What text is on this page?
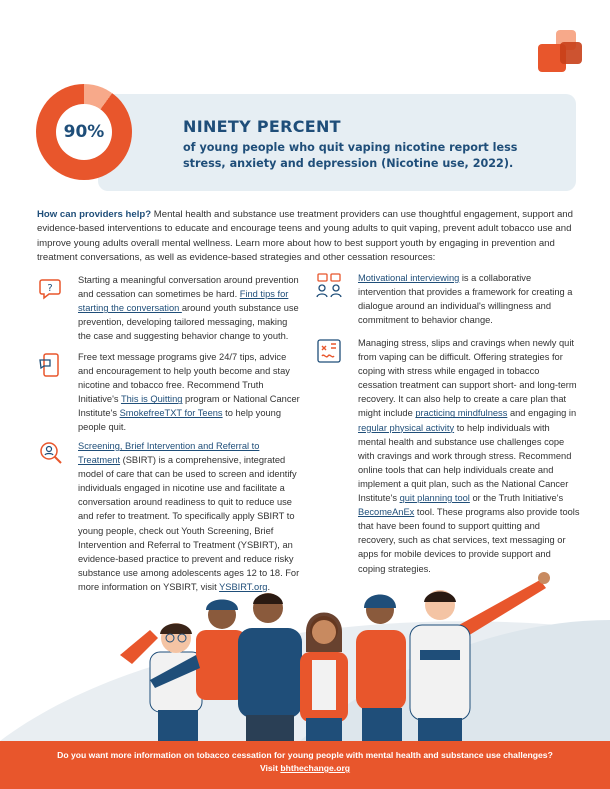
90%	NINETY PERCENT
of young people who quit vaping nicotine report less stress, anxiety and depression (Nicotine use, 2022).
How can providers help? Mental health and substance use treatment providers can use thoughtful engagement, support and evidence-based interventions to educate and encourage teens and young adults to quit vaping, prevent adult tobacco use and improve young adults overall mental wellness. Learn more about how to best support youth by engaging in prevention and treatment conversations, as well as evidence-based strategies and other cessation resources:
?
Starting a meaningful conversation around prevention and cessation can sometimes be hard. Find tips for starting the conversation around youth substance use prevention, developing tailored messaging, making the case and suggesting behavior change to youth.
Free text message programs give 24/7 tips, advice and encouragement to help youth become and stay nicotine and tobacco free. Recommend Truth Initiative's This is Quitting program or National Cancer Institute's SmokefreeTXT for Teens to help young people quit.
Screening, Brief Intervention and Referral to Treatment (SBIRT) is a comprehensive, integrated model of care that can be used to screen and identify individuals engaged in nicotine use and facilitate a conversation around readiness to quit to reduce use and refer to treatment. To specifically apply SBIRT to young people, check out Youth Screening, Brief Intervention and Referral to Treatment (YSBIRT), an evidence-based practice to prevent and reduce risky substance use among adolescents ages 12 to 18. For more information on YSBIRT, visit YSBIRT.org.
Motivational interviewing is a collaborative intervention that provides a framework for creating a dialogue around an individual's willingness and commitment to behavior change.
Managing stress, slips and cravings when newly quit from vaping can be difficult. Offering strategies for coping with stress while engaged in tobacco cessation treatment can support short- and long-term recovery. It can also help to create a care plan that might include practicing mindfulness and engaging in regular physical activity to help individuals with mental health and substance use challenges cope with cravings and work through stress. Recommend online tools that can help individuals create and implement a quit plan, such as the National Cancer Institute's quit planning tool or the Truth Initiative's BecomeAnEx tool. These programs also provide tools that have been found to support quitting and recovery, such as chat services, text messaging or apps for mobile devices to provide support and coping strategies.
Do you want more information on tobacco cessation for young people with mental health and substance use challenges?
Visit bhthechange.org
